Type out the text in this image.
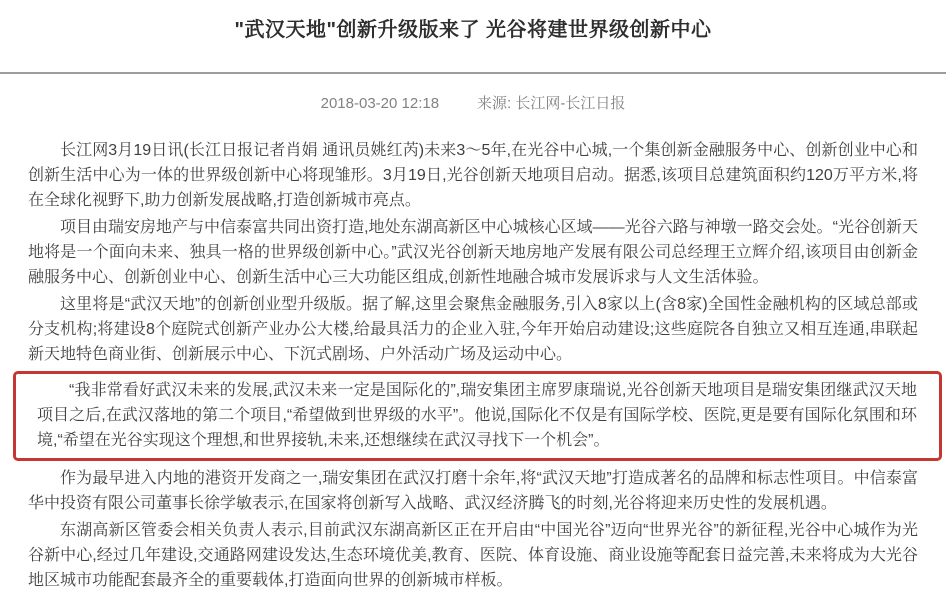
"武汉天地"创新升级版来了 光谷将建世界级创新中心
2018-03-20 12:18	来源: 长江网-长江日报

长江网3月19日讯(长江日报记者肖娟 通讯员姚红芮)未来3～5年,在光谷中心城,一个集创新金融服务中心、创新创业中心和创新生活中心为一体的世界级创新中心将现雏形。3月19日,光谷创新天地项目启动。据悉,该项目总建筑面积约120万平方米,将在全球化视野下,助力创新发展战略,打造创新城市亮点。

项目由瑞安房地产与中信泰富共同出资打造,地处东湖高新区中心城核心区域——光谷六路与神墩一路交会处。“光谷创新天地将是一个面向未来、独具一格的世界级创新中心。”武汉光谷创新天地房地产发展有限公司总经理王立辉介绍,该项目由创新金融服务中心、创新创业中心、创新生活中心三大功能区组成,创新性地融合城市发展诉求与人文生活体验。

这里将是“武汉天地”的创新创业型升级版。据了解,这里会聚焦金融服务,引入8家以上(含8家)全国性金融机构的区域总部或分支机构;将建设8个庭院式创新产业办公大楼,给最具活力的企业入驻,今年开始启动建设;这些庭院各自独立又相互连通,串联起新天地特色商业街、创新展示中心、下沉式剧场、户外活动广场及运动中心。

“我非常看好武汉未来的发展,武汉未来一定是国际化的”,瑞安集团主席罗康瑞说,光谷创新天地项目是瑞安集团继武汉天地项目之后,在武汉落地的第二个项目,“希望做到世界级的水平”。他说,国际化不仅是有国际学校、医院,更是要有国际化氛围和环境,“希望在光谷实现这个理想,和世界接轨,未来,还想继续在武汉寻找下一个机会”。

作为最早进入内地的港资开发商之一,瑞安集团在武汉打磨十余年,将“武汉天地”打造成著名的品牌和标志性项目。中信泰富华中投资有限公司董事长徐学敏表示,在国家将创新写入战略、武汉经济腾飞的时刻,光谷将迎来历史性的发展机遇。

东湖高新区管委会相关负责人表示,目前武汉东湖高新区正在开启由“中国光谷”迈向“世界光谷”的新征程,光谷中心城作为光谷新中心,经过几年建设,交通路网建设发达,生态环境优美,教育、医院、体育设施、商业设施等配套日益完善,未来将成为大光谷地区城市功能配套最齐全的重要载体,打造面向世界的创新城市样板。
